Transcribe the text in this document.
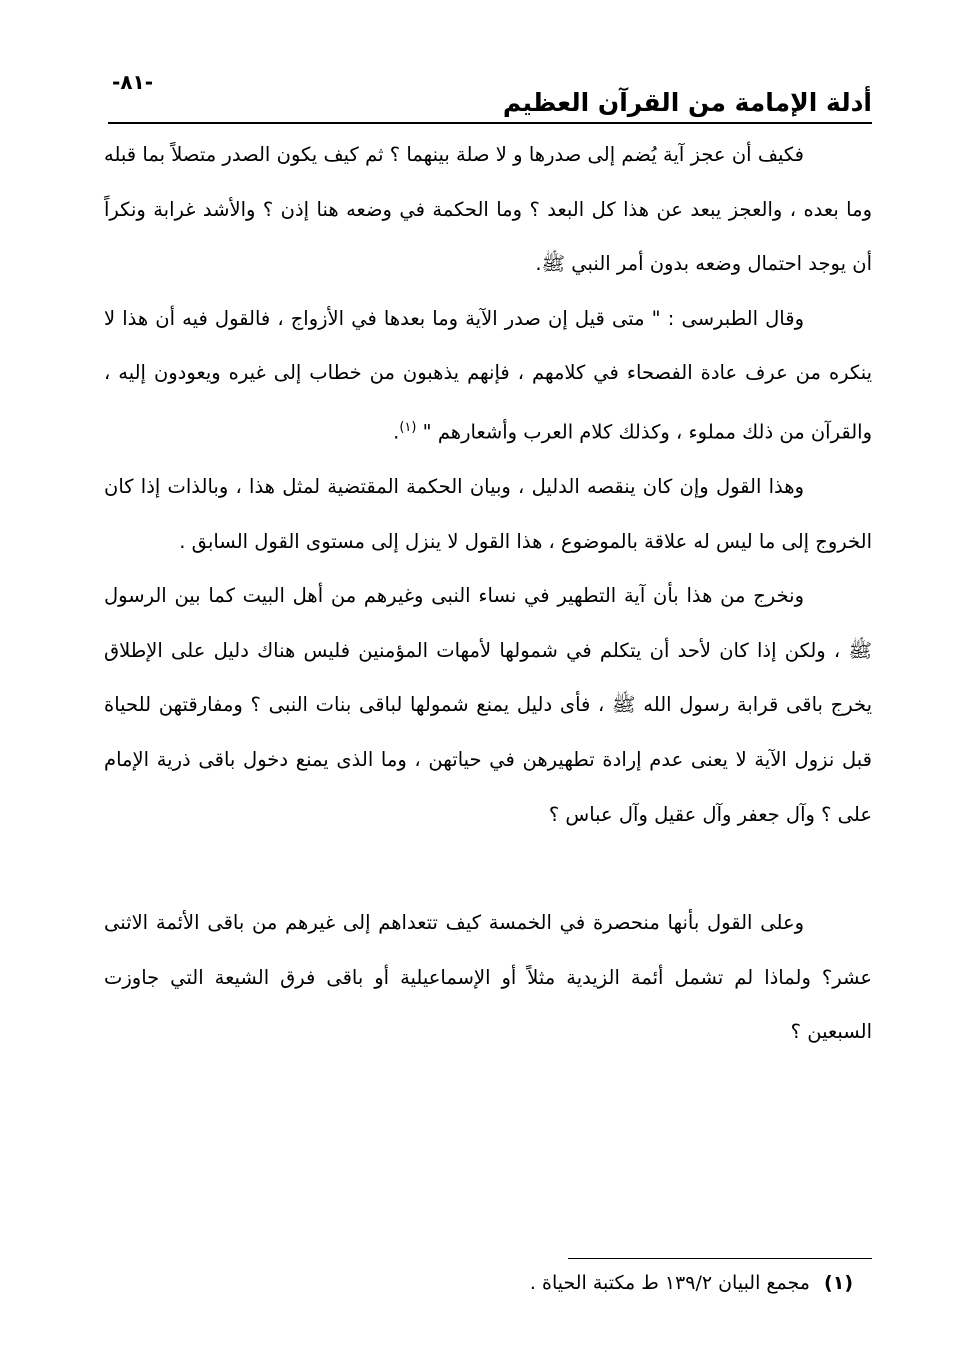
-٨١-
أدلة الإمامة من القرآن العظيم

فكيف أن عجز آية يُضم إلى صدرها و لا صلة بينهما ؟ ثم كيف يكون الصدر متصلاً بما قبله وما بعده ، والعجز يبعد عن هذا كل البعد ؟ وما الحكمة في وضعه هنا إذن ؟ والأشد غرابة ونكراً أن يوجد احتمال وضعه بدون أمر النبي ﷺ.

وقال الطبرسى : " متى قيل إن صدر الآية وما بعدها في الأزواج ، فالقول فيه أن هذا لا ينكره من عرف عادة الفصحاء في كلامهم ، فإنهم يذهبون من خطاب إلى غيره ويعودون إليه ، والقرآن من ذلك مملوء ، وكذلك كلام العرب وأشعارهم " $^{(١)}$.

وهذا القول وإن كان ينقصه الدليل ، وبيان الحكمة المقتضية لمثل هذا ، وبالذات إذا كان الخروج إلى ما ليس له علاقة بالموضوع ، هذا القول لا ينزل إلى مستوى القول السابق .

ونخرج من هذا بأن آية التطهير في نساء النبى وغيرهم من أهل البيت كما بين الرسول ﷺ ، ولكن إذا كان لأحد أن يتكلم في شمولها لأمهات المؤمنين فليس هناك دليل على الإطلاق يخرج باقى قرابة رسول الله ﷺ ، فأى دليل يمنع شمولها لباقى بنات النبى ؟ ومفارقتهن للحياة قبل نزول الآية لا يعنى عدم إرادة تطهيرهن في حياتهن ، وما الذى يمنع دخول باقى ذرية الإمام على ؟ وآل جعفر وآل عقيل وآل عباس ؟

وعلى القول بأنها منحصرة في الخمسة كيف تتعداهم إلى غيرهم من باقى الأئمة الاثنى عشر؟ ولماذا لم تشمل أئمة الزيدية مثلاً أو الإسماعيلية أو باقى فرق الشيعة التي جاوزت السبعين ؟

(١) مجمع البيان ١٣٩/٢ ط مكتبة الحياة .
